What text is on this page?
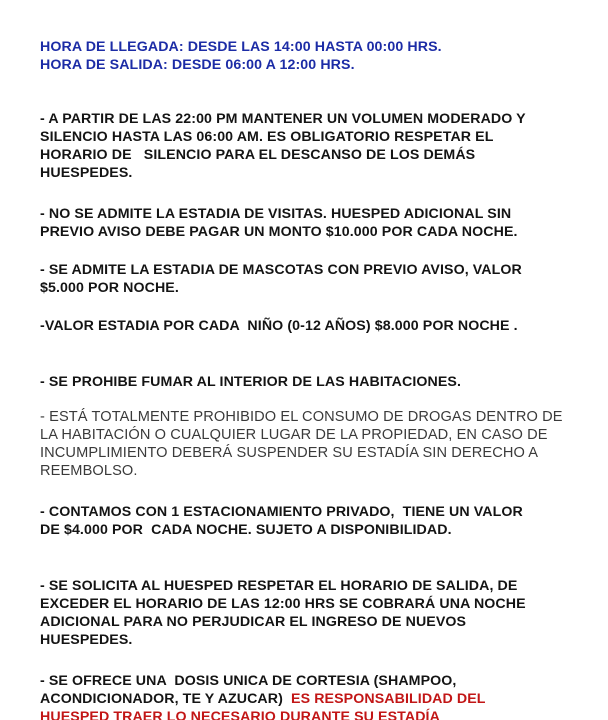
HORA DE LLEGADA: DESDE LAS 14:00 HASTA 00:00 HRS.
HORA DE SALIDA: DESDE 06:00 A 12:00 HRS.
- A PARTIR DE LAS 22:00 PM MANTENER UN VOLUMEN MODERADO Y
SILENCIO HASTA LAS 06:00 AM. ES OBLIGATORIO RESPETAR EL
HORARIO DE   SILENCIO PARA EL DESCANSO DE LOS DEMÁS
HUESPEDES.
- NO SE ADMITE LA ESTADIA DE VISITAS. HUESPED ADICIONAL SIN
PREVIO AVISO DEBE PAGAR UN MONTO $10.000 POR CADA NOCHE.
- SE ADMITE LA ESTADIA DE MASCOTAS CON PREVIO AVISO, VALOR
$5.000 POR NOCHE.
-VALOR ESTADIA POR CADA  NIÑO (0-12 AÑOS) $8.000 POR NOCHE .
- SE PROHIBE FUMAR AL INTERIOR DE LAS HABITACIONES.
- ESTÁ TOTALMENTE PROHIBIDO EL CONSUMO DE DROGAS DENTRO DE
LA HABITACIÓN O CUALQUIER LUGAR DE LA PROPIEDAD, EN CASO DE
INCUMPLIMIENTO DEBERÁ SUSPENDER SU ESTADÍA SIN DERECHO A
REEMBOLSO.
- CONTAMOS CON 1 ESTACIONAMIENTO PRIVADO,  TIENE UN VALOR
DE $4.000 POR  CADA NOCHE. SUJETO A DISPONIBILIDAD.
- SE SOLICITA AL HUESPED RESPETAR EL HORARIO DE SALIDA, DE
EXCEDER EL HORARIO DE LAS 12:00 HRS SE COBRARÁ UNA NOCHE
ADICIONAL PARA NO PERJUDICAR EL INGRESO DE NUEVOS
HUESPEDES.
- SE OFRECE UNA  DOSIS UNICA DE CORTESIA (SHAMPOO,
ACONDICIONADOR, TE Y AZUCAR)  ES RESPONSABILIDAD DEL
HUESPED TRAER LO NECESARIO DURANTE SU ESTADÍA
